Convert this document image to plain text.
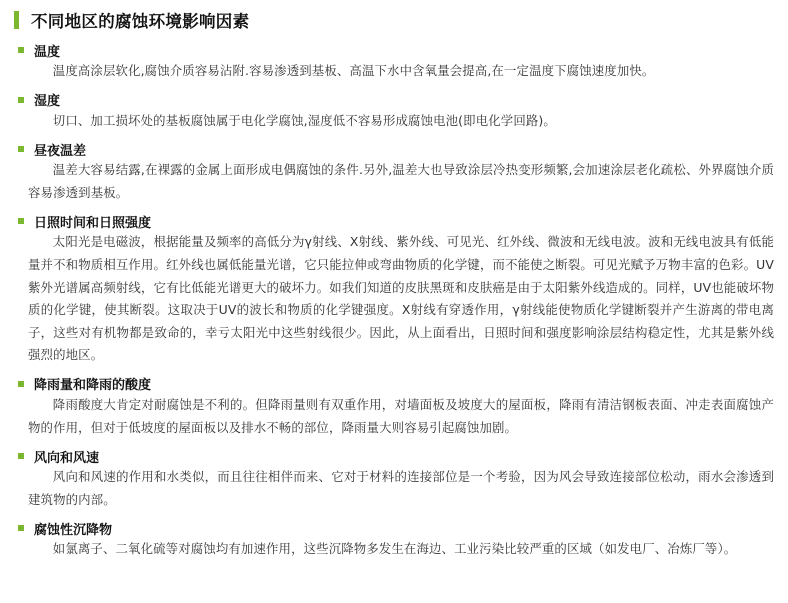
不同地区的腐蚀环境影响因素
温度
温度高涂层软化,腐蚀介质容易沾附.容易渗透到基板、高温下水中含氧量会提高,在一定温度下腐蚀速度加快。
湿度
切口、加工损坏处的基板腐蚀属于电化学腐蚀,湿度低不容易形成腐蚀电池(即电化学回路)。
昼夜温差
温差大容易结露,在裸露的金属上面形成电偶腐蚀的条件.另外,温差大也导致涂层冷热变形频繁,会加速涂层老化疏松、外界腐蚀介质容易渗透到基板。
日照时间和日照强度
太阳光是电磁波，根据能量及频率的高低分为γ射线、X射线、紫外线、可见光、红外线、微波和无线电波。波和无线电波具有低能量并不和物质相互作用。红外线也属低能量光谱，它只能拉伸或弯曲物质的化学键，而不能使之断裂。可见光赋予万物丰富的色彩。UV紫外光谱属高频射线，它有比低能光谱更大的破坏力。如我们知道的皮肤黑斑和皮肤癌是由于太阳紫外线造成的。同样，UV也能破坏物质的化学键，使其断裂。这取决于UV的波长和物质的化学键强度。X射线有穿透作用，γ射线能使物质化学键断裂并产生游离的带电离子，这些对有机物都是致命的，幸亏太阳光中这些射线很少。因此，从上面看出，日照时间和强度影响涂层结构稳定性，尤其是紫外线强烈的地区。
降雨量和降雨的酸度
降雨酸度大肯定对耐腐蚀是不利的。但降雨量则有双重作用，对墙面板及坡度大的屋面板，降雨有清洁钢板表面、冲走表面腐蚀产物的作用，但对于低坡度的屋面板以及排水不畅的部位，降雨量大则容易引起腐蚀加剧。
风向和风速
风向和风速的作用和水类似，而且往往相伴而来、它对于材料的连接部位是一个考验，因为风会导致连接部位松动，雨水会渗透到建筑物的内部。
腐蚀性沉降物
如氯离子、二氧化硫等对腐蚀均有加速作用，这些沉降物多发生在海边、工业污染比较严重的区域（如发电厂、冶炼厂等）。
